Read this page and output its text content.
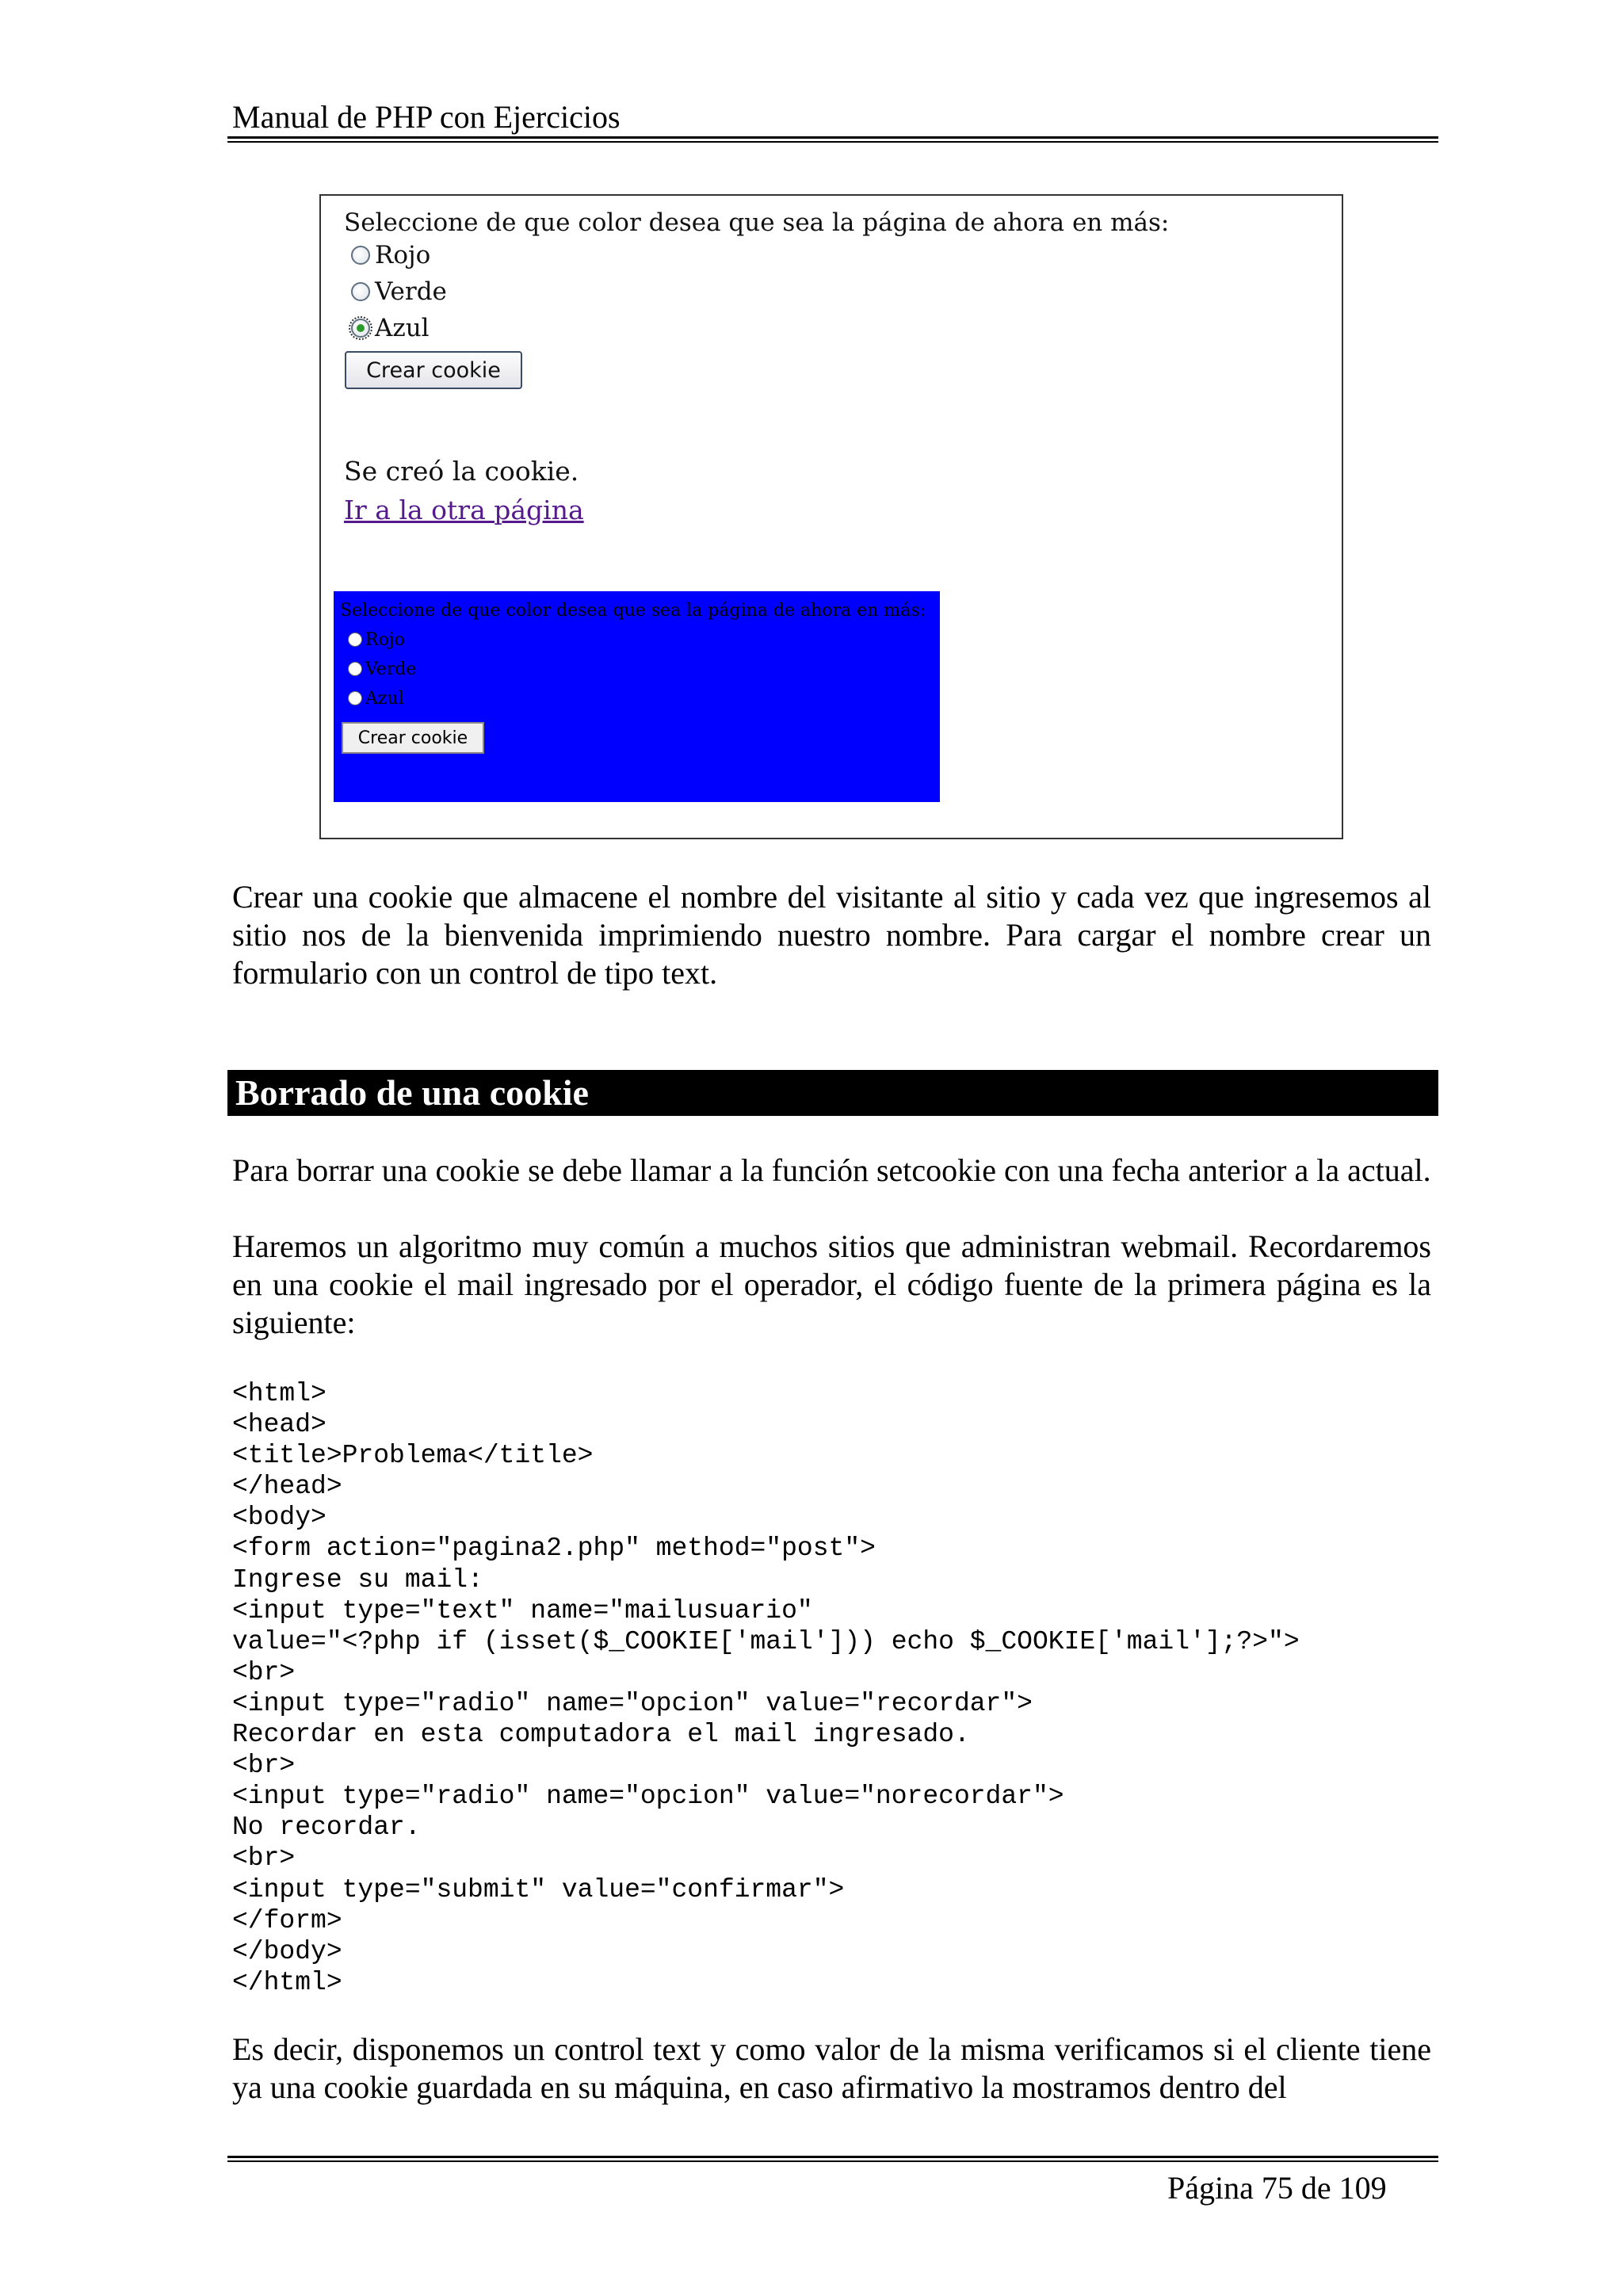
Manual de PHP con Ejercicios
Seleccione de que color desea que sea la página de ahora en más:
Rojo
Verde
Azul
Crear cookie
Se creó la cookie.
Ir a la otra página
Seleccione de que color desea que sea la página de ahora en más:
Rojo
Verde
Azul
Crear cookie

Crear una cookie que almacene el nombre del visitante al sitio y cada vez que ingresemos al sitio nos de la bienvenida imprimiendo nuestro nombre. Para cargar el nombre crear un formulario con un control de tipo text.

Borrado de una cookie

Para borrar una cookie se debe llamar a la función setcookie con una fecha anterior a la actual.

Haremos un algoritmo muy común a muchos sitios que administran webmail. Recordaremos en una cookie el mail ingresado por el operador, el código fuente de la primera página es la siguiente:

<html>
<head>
<title>Problema</title>
</head>
<body>
<form action="pagina2.php" method="post">
Ingrese su mail:
<input type="text" name="mailusuario"
value="<?php if (isset($_COOKIE['mail'])) echo $_COOKIE['mail'];?>">
<br>
<input type="radio" name="opcion" value="recordar">
Recordar en esta computadora el mail ingresado.
<br>
<input type="radio" name="opcion" value="norecordar">
No recordar.
<br>
<input type="submit" value="confirmar">
</form>
</body>
</html>

Es decir, disponemos un control text y como valor de la misma verificamos si el cliente tiene ya una cookie guardada en su máquina, en caso afirmativo la mostramos dentro del

Página 75 de 109
